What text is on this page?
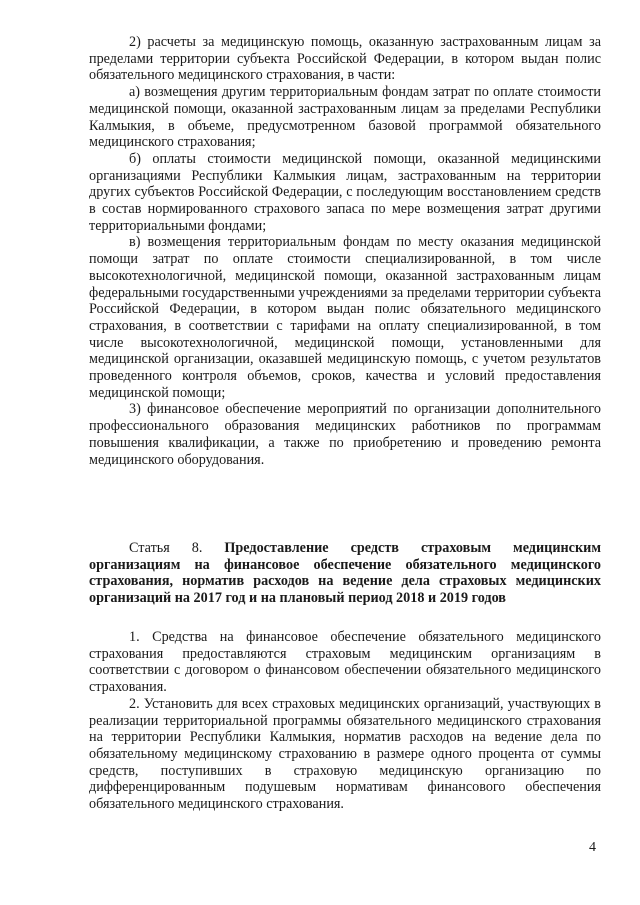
2) расчеты за медицинскую помощь, оказанную застрахованным лицам за пределами территории субъекта Российской Федерации, в котором выдан полис обязательного медицинского страхования, в части:

а) возмещения другим территориальным фондам затрат по оплате стоимости медицинской помощи, оказанной застрахованным лицам за пределами Республики Калмыкия, в объеме, предусмотренном базовой программой обязательного медицинского страхования;

б) оплаты стоимости медицинской помощи, оказанной медицинскими организациями Республики Калмыкия лицам, застрахованным на территории других субъектов Российской Федерации, с последующим восстановлением средств в состав нормированного страхового запаса по мере возмещения затрат другими территориальными фондами;

в) возмещения территориальным фондам по месту оказания медицинской помощи затрат по оплате стоимости специализированной, в том числе высокотехнологичной, медицинской помощи, оказанной застрахованным лицам федеральными государственными учреждениями за пределами территории субъекта Российской Федерации, в котором выдан полис обязательного медицинского страхования, в соответствии с тарифами на оплату специализированной, в том числе высокотехнологичной, медицинской помощи, установленными для медицинской организации, оказавшей медицинскую помощь, с учетом результатов проведенного контроля объемов, сроков, качества и условий предоставления медицинской помощи;

3) финансовое обеспечение мероприятий по организации дополнительного профессионального образования медицинских работников по программам повышения квалификации, а также по приобретению и проведению ремонта медицинского оборудования.

Статья 8. Предоставление средств страховым медицинским организациям на финансовое обеспечение обязательного медицинского страхования, норматив расходов на ведение дела страховых медицинских организаций на 2017 год и на плановый период 2018 и 2019 годов

1. Средства на финансовое обеспечение обязательного медицинского страхования предоставляются страховым медицинским организациям в соответствии с договором о финансовом обеспечении обязательного медицинского страхования.

2. Установить для всех страховых медицинских организаций, участвующих в реализации территориальной программы обязательного медицинского страхования на территории Республики Калмыкия, норматив расходов на ведение дела по обязательному медицинскому страхованию в размере одного процента от суммы средств, поступивших в страховую медицинскую организацию по дифференцированным подушевым нормативам финансового обеспечения обязательного медицинского страхования.

4
